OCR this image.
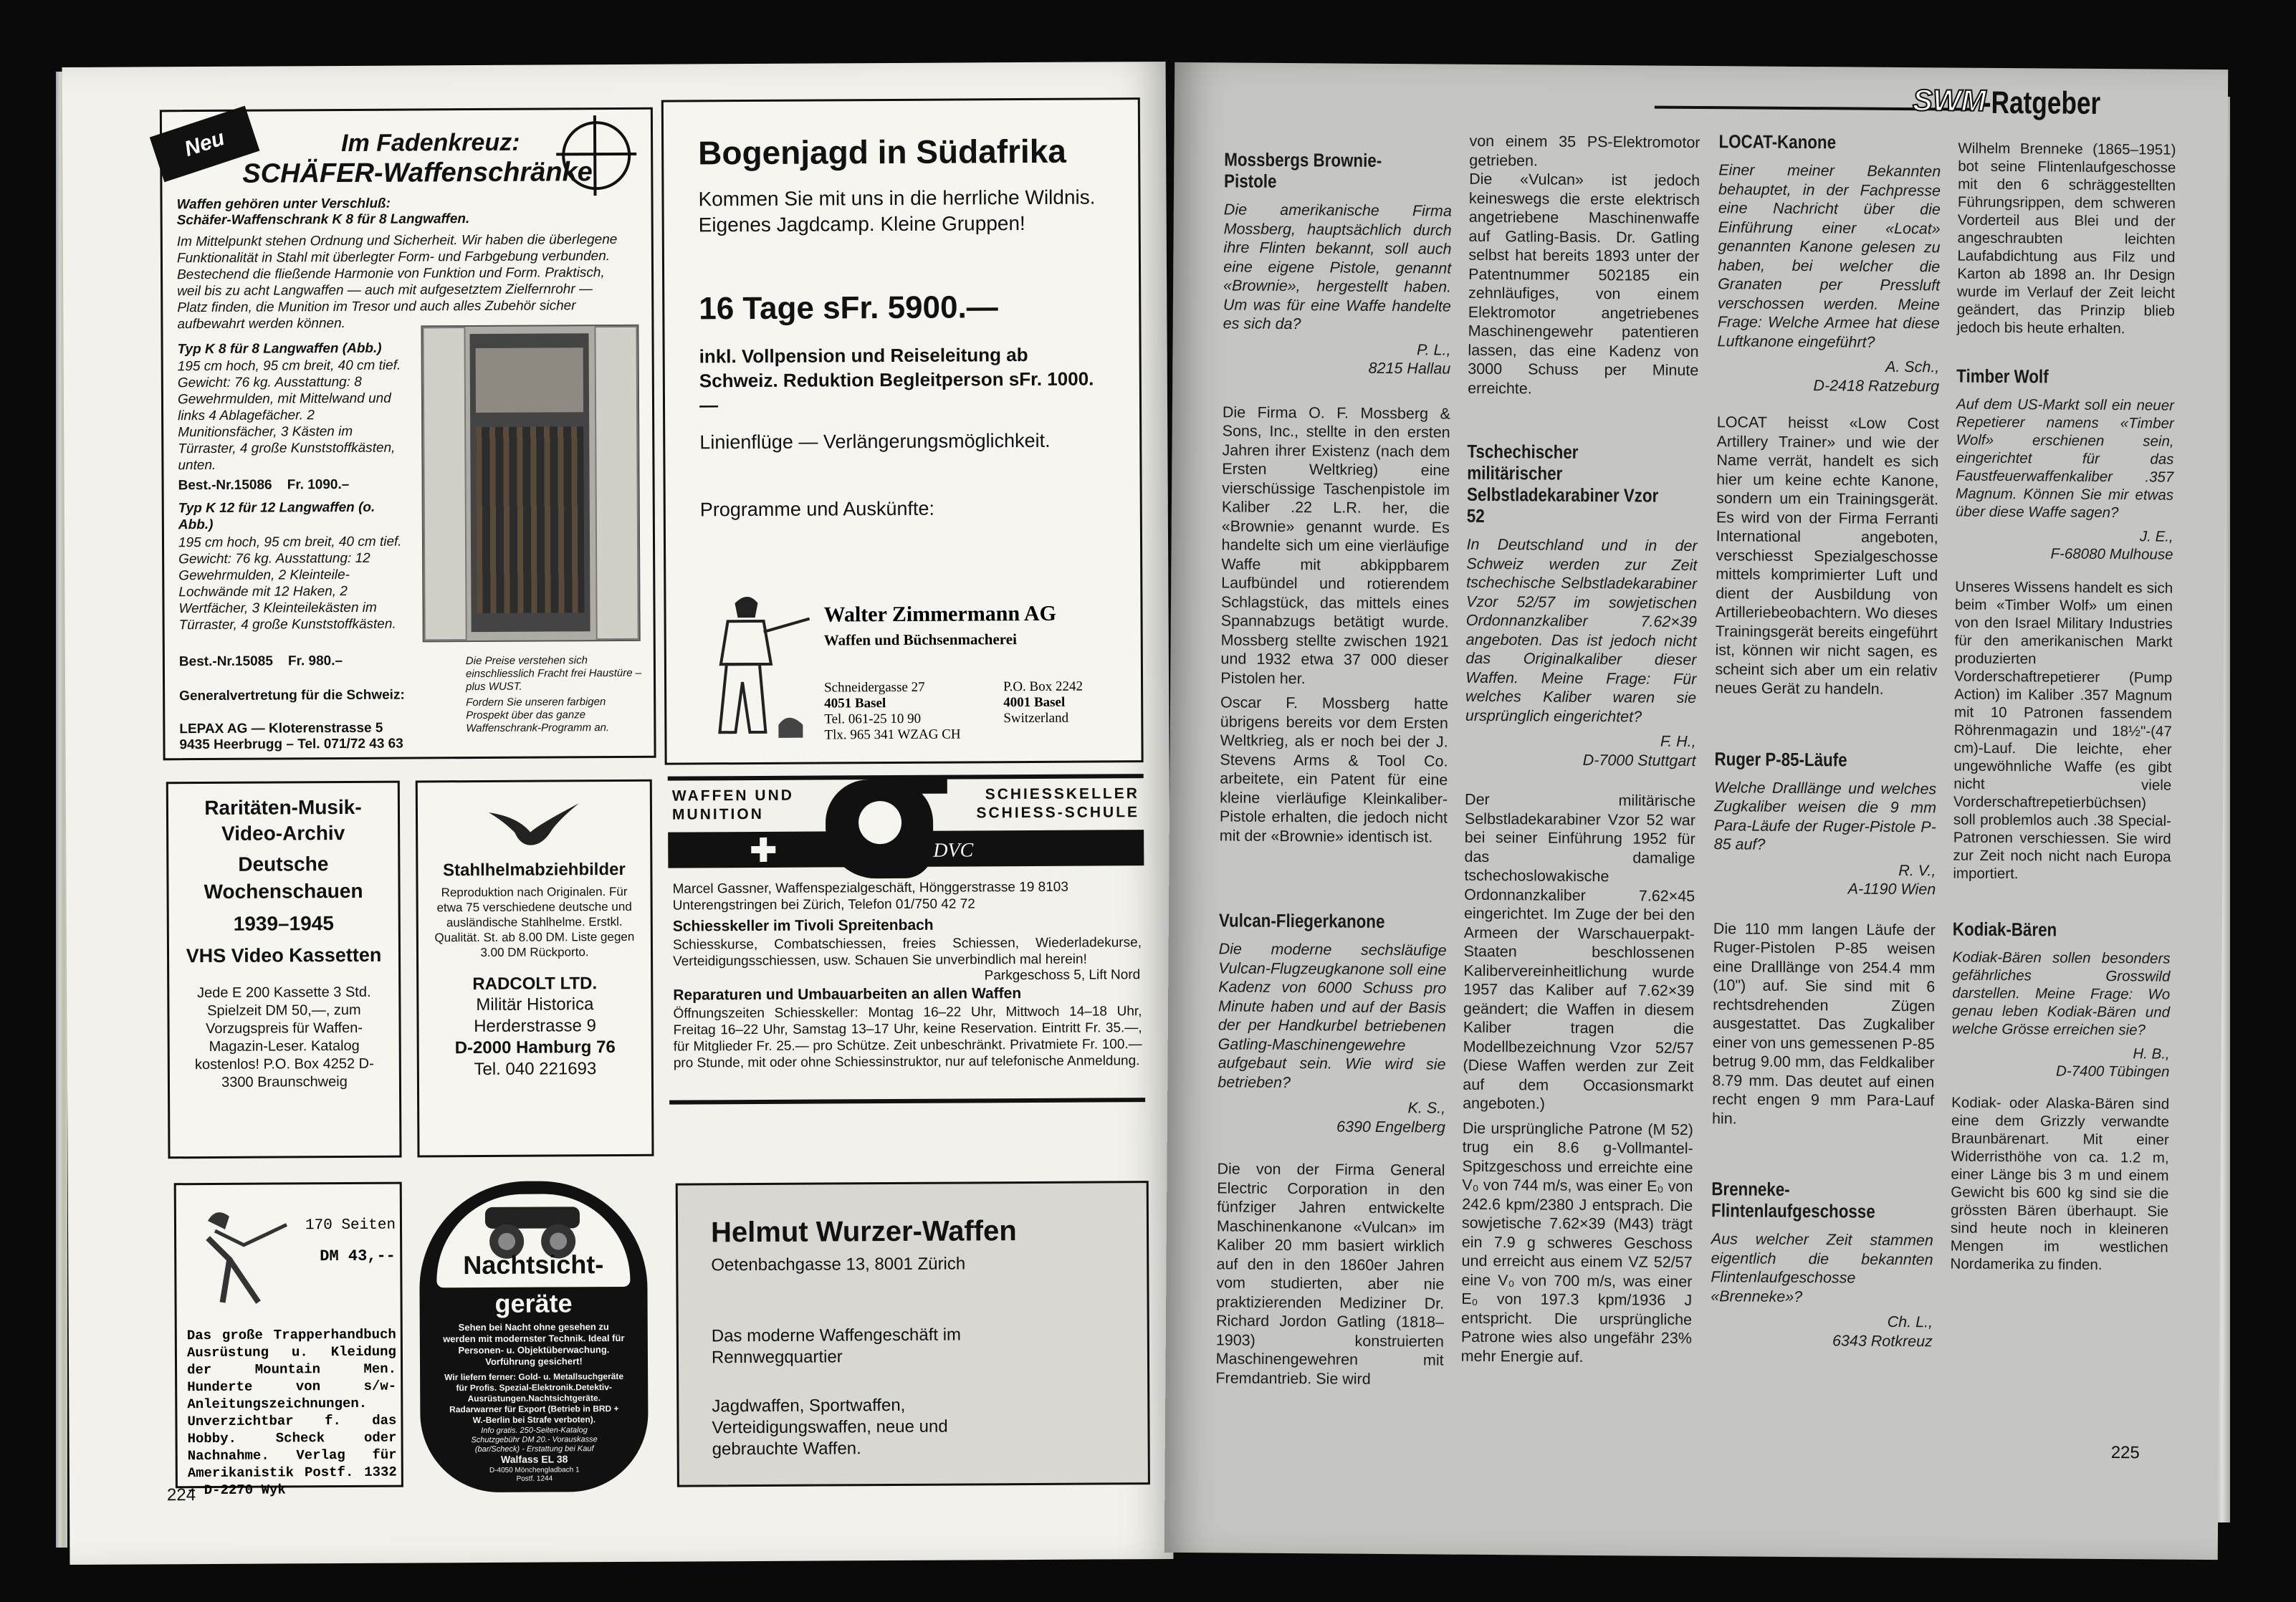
Neu	Im Fadenkreuz:
SCHÄFER-Waffenschränke
Waffen gehören unter Verschluß:
Schäfer-Waffenschrank K 8 für 8 Langwaffen.
Im Mittelpunkt stehen Ordnung und Sicherheit. Wir haben die überlegene Funktionalität in Stahl mit überlegter Form- und Farbgebung verbunden. Bestechend die fließende Harmonie von Funktion und Form. Praktisch, weil bis zu acht Langwaffen — auch mit aufgesetztem Zielfernrohr — Platz finden, die Munition im Tresor und auch alles Zubehör sicher aufbewahrt werden können.
Typ K 8 für 8 Langwaffen (Abb.)
195 cm hoch, 95 cm breit, 40 cm tief. Gewicht: 76 kg. Ausstattung: 8 Gewehrmulden, mit Mittelwand und links 4 Ablagefächer. 2 Munitionsfächer, 3 Kästen im Türraster, 4 große Kunststoffkästen, unten.
Best.-Nr.15086    Fr. 1090.–
Typ K 12 für 12 Langwaffen (o. Abb.)
195 cm hoch, 95 cm breit, 40 cm tief. Gewicht: 76 kg. Ausstattung: 12 Gewehrmulden, 2 Kleinteile-Lochwände mit 12 Haken, 2 Wertfächer, 3 Kleinteilekästen im Türraster, 4 große Kunststoffkästen.
Best.-Nr.15085    Fr. 980.–	Die Preise verstehen sich einschliesslich Fracht frei Haustüre – plus WUST.
Fordern Sie unseren farbigen Prospekt über das ganze Waffenschrank-Programm an.
Generalvertretung für die Schweiz:
LEPAX AG — Kloterenstrasse 5
9435 Heerbrugg – Tel. 071/72 43 63
Bogenjagd in Südafrika
Kommen Sie mit uns in die herrliche Wildnis. Eigenes Jagdcamp. Kleine Gruppen!
16 Tage sFr. 5900.—
inkl. Vollpension und Reiseleitung ab Schweiz. Reduktion Begleitperson sFr. 1000.—
Linienflüge — Verlängerungsmöglichkeit.
Programme und Auskünfte:
Walter Zimmermann AG
Waffen und Büchsenmacherei
Schneidergasse 27
4051 Basel
Tel. 061-25 10 90
Tlx. 965 341 WZAG CH
P.O. Box 2242
4001 Basel
Switzerland
Raritäten-Musik-
Video-Archiv
Deutsche
Wochenschauen
1939–1945
VHS Video Kassetten
Jede E 200 Kassette 3 Std. Spielzeit DM 50,—, zum Vorzugspreis für Waffen-Magazin-Leser. Katalog kostenlos! P.O. Box 4252 D-3300 Braunschweig
Stahlhelmabziehbilder
Reproduktion nach Originalen. Für etwa 75 verschiedene deutsche und ausländische Stahlhelme. Erstkl. Qualität. St. ab 8.00 DM. Liste gegen 3.00 DM Rückporto.
RADCOLT LTD.
Militär Historica
Herderstrasse 9
D-2000 Hamburg 76
Tel. 040 221693
WAFFEN UND
MUNITION
SCHIESSKELLER
SCHIESS-SCHULE
DVC
Marcel Gassner, Waffenspezialgeschäft, Hönggerstrasse 19 8103 Unterengstringen bei Zürich, Telefon 01/750 42 72
Schiesskeller im Tivoli Spreitenbach
Schiesskurse, Combatschiessen, freies Schiessen, Wiederladekurse, Verteidigungsschiessen, usw. Schauen Sie unverbindlich mal herein!
Parkgeschoss 5, Lift Nord
Reparaturen und Umbauarbeiten an allen Waffen
Öffnungszeiten Schiesskeller: Montag 16–22 Uhr, Mittwoch 14–18 Uhr, Freitag 16–22 Uhr, Samstag 13–17 Uhr, keine Reservation. Eintritt Fr. 35.—, für Mitglieder Fr. 25.— pro Schütze. Zeit unbeschränkt. Privatmiete Fr. 100.— pro Stunde, mit oder ohne Schiessinstruktor, nur auf telefonische Anmeldung.
170 Seiten
DM 43,--
Das große Trapperhandbuch Ausrüstung u. Kleidung der Mountain Men. Hunderte von s/w-Anleitungszeichnungen. Unverzichtbar f. das Hobby. Scheck oder Nachnahme. Verlag für Amerikanistik Postf. 1332 – D-2270 Wyk
Nachtsicht-
geräte
Sehen bei Nacht ohne gesehen zu werden mit modernster Technik. Ideal für Personen- u. Objektüberwachung. Vorführung gesichert!
Wir liefern ferner: Gold- u. Metallsuchgeräte für Profis. Spezial-Elektronik.Detektiv-Ausrüstungen.Nachtsichtgeräte. Radarwarner für Export (Betrieb in BRD + W.-Berlin bei Strafe verboten).
Info gratis. 250-Seiten-Katalog Schutzgebühr DM 20.- Vorauskasse (bar/Scheck) - Erstattung bei Kauf
Walfass EL 38
D-4050 Mönchengladbach 1 Postf. 1244
Helmut Wurzer-Waffen
Oetenbachgasse 13, 8001 Zürich
Das moderne Waffengeschäft im Rennwegquartier
Jagdwaffen, Sportwaffen, Verteidigungswaffen, neue und gebrauchte Waffen.
224
SWM
-Ratgeber
Mossbergs Brownie-Pistole

Die amerikanische Firma Mossberg, hauptsächlich durch ihre Flinten bekannt, soll auch eine eigene Pistole, genannt «Brownie», hergestellt haben. Um was für eine Waffe handelte es sich da?

P. L.,
8215 Hallau

Die Firma O. F. Mossberg & Sons, Inc., stellte in den ersten Jahren ihrer Existenz (nach dem Ersten Weltkrieg) eine vierschüssige Taschenpistole im Kaliber .22 L.R. her, die «Brownie» genannt wurde. Es handelte sich um eine vierläufige Waffe mit abkippbarem Laufbündel und rotierendem Schlagstück, das mittels eines Spannabzugs betätigt wurde. Mossberg stellte zwischen 1921 und 1932 etwa 37 000 dieser Pistolen her.

Oscar F. Mossberg hatte übrigens bereits vor dem Ersten Weltkrieg, als er noch bei der J. Stevens Arms & Tool Co. arbeitete, ein Patent für eine kleine vierläufige Kleinkaliber-Pistole erhalten, die jedoch nicht mit der «Brownie» identisch ist.

Vulcan-Fliegerkanone

Die moderne sechsläufige Vulcan-Flugzeugkanone soll eine Kadenz von 6000 Schuss pro Minute haben und auf der Basis der per Handkurbel betriebenen Gatling-Maschinengewehre aufgebaut sein. Wie wird sie betrieben?

K. S.,
6390 Engelberg

Die von der Firma General Electric Corporation in den fünfziger Jahren entwickelte Maschinenkanone «Vulcan» im Kaliber 20 mm basiert wirklich auf den in den 1860er Jahren vom studierten, aber nie praktizierenden Mediziner Dr. Richard Jordon Gatling (1818–1903) konstruierten Maschinengewehren mit Fremdantrieb. Sie wird

von einem 35 PS-Elektromotor getrieben.

Die «Vulcan» ist jedoch keineswegs die erste elektrisch angetriebene Maschinenwaffe auf Gatling-Basis. Dr. Gatling selbst hat bereits 1893 unter der Patentnummer 502185 ein zehnläufiges, von einem Elektromotor angetriebenes Maschinengewehr patentieren lassen, das eine Kadenz von 3000 Schuss per Minute erreichte.

Tschechischer militärischer Selbstladekarabiner Vzor 52

In Deutschland und in der Schweiz werden zur Zeit tschechische Selbstladekarabiner Vzor 52/57 im sowjetischen Ordonnanzkaliber 7.62×39 angeboten. Das ist jedoch nicht das Originalkaliber dieser Waffen. Meine Frage: Für welches Kaliber waren sie ursprünglich eingerichtet?

F. H.,
D-7000 Stuttgart

Der militärische Selbstladekarabiner Vzor 52 war bei seiner Einführung 1952 für das damalige tschechoslowakische Ordonnanzkaliber 7.62×45 eingerichtet. Im Zuge der bei den Armeen der Warschauerpakt-Staaten beschlossenen Kalibervereinheitlichung wurde 1957 das Kaliber auf 7.62×39 geändert; die Waffen in diesem Kaliber tragen die Modellbezeichnung Vzor 52/57 (Diese Waffen werden zur Zeit auf dem Occasionsmarkt angeboten.)

Die ursprüngliche Patrone (M 52) trug ein 8.6 g-Vollmantel-Spitzgeschoss und erreichte eine V₀ von 744 m/s, was einer E₀ von 242.6 kpm/2380 J entsprach. Die sowjetische 7.62×39 (M43) trägt ein 7.9 g schweres Geschoss und erreicht aus einem VZ 52/57 eine V₀ von 700 m/s, was einer E₀ von 197.3 kpm/1936 J entspricht. Die ursprüngliche Patrone wies also ungefähr 23% mehr Energie auf.

LOCAT-Kanone

Einer meiner Bekannten behauptet, in der Fachpresse eine Nachricht über die Einführung einer «Locat» genannten Kanone gelesen zu haben, bei welcher die Granaten per Pressluft verschossen werden. Meine Frage: Welche Armee hat diese Luftkanone eingeführt?

A. Sch.,
D-2418 Ratzeburg

LOCAT heisst «Low Cost Artillery Trainer» und wie der Name verrät, handelt es sich hier um keine echte Kanone, sondern um ein Trainingsgerät. Es wird von der Firma Ferranti International angeboten, verschiesst Spezialgeschosse mittels komprimierter Luft und dient der Ausbildung von Artilleriebeobachtern. Wo dieses Trainingsgerät bereits eingeführt ist, können wir nicht sagen, es scheint sich aber um ein relativ neues Gerät zu handeln.

Ruger P-85-Läufe

Welche Dralllänge und welches Zugkaliber weisen die 9 mm Para-Läufe der Ruger-Pistole P-85 auf?

R. V.,
A-1190 Wien

Die 110 mm langen Läufe der Ruger-Pistolen P-85 weisen eine Dralllänge von 254.4 mm (10") auf. Sie sind mit 6 rechtsdrehenden Zügen ausgestattet. Das Zugkaliber einer von uns gemessenen P-85 betrug 9.00 mm, das Feldkaliber 8.79 mm. Das deutet auf einen recht engen 9 mm Para-Lauf hin.

Brenneke-Flintenlaufgeschosse

Aus welcher Zeit stammen eigentlich die bekannten Flintenlaufgeschosse «Brenneke»?

Ch. L.,
6343 Rotkreuz

Wilhelm Brenneke (1865–1951) bot seine Flintenlaufgeschosse mit den 6 schräggestellten Führungsrippen, dem schweren Vorderteil aus Blei und der angeschraubten leichten Laufabdichtung aus Filz und Karton ab 1898 an. Ihr Design wurde im Verlauf der Zeit leicht geändert, das Prinzip blieb jedoch bis heute erhalten.

Timber Wolf

Auf dem US-Markt soll ein neuer Repetierer namens «Timber Wolf» erschienen sein, eingerichtet für das Faustfeuerwaffenkaliber .357 Magnum. Können Sie mir etwas über diese Waffe sagen?

J. E.,
F-68080 Mulhouse

Unseres Wissens handelt es sich beim «Timber Wolf» um einen von den Israel Military Industries für den amerikanischen Markt produzierten Vorderschaftrepetierer (Pump Action) im Kaliber .357 Magnum mit 10 Patronen fassendem Röhrenmagazin und 18½"-(47 cm)-Lauf. Die leichte, eher ungewöhnliche Waffe (es gibt nicht viele Vorderschaftrepetierbüchsen) soll problemlos auch .38 Special-Patronen verschiessen. Sie wird zur Zeit noch nicht nach Europa importiert.

Kodiak-Bären

Kodiak-Bären sollen besonders gefährliches Grosswild darstellen. Meine Frage: Wo genau leben Kodiak-Bären und welche Grösse erreichen sie?

H. B.,
D-7400 Tübingen

Kodiak- oder Alaska-Bären sind eine dem Grizzly verwandte Braunbärenart. Mit einer Widerristhöhe von ca. 1.2 m, einer Länge bis 3 m und einem Gewicht bis 600 kg sind sie die grössten Bären überhaupt. Sie sind heute noch in kleineren Mengen im westlichen Nordamerika zu finden.

225
